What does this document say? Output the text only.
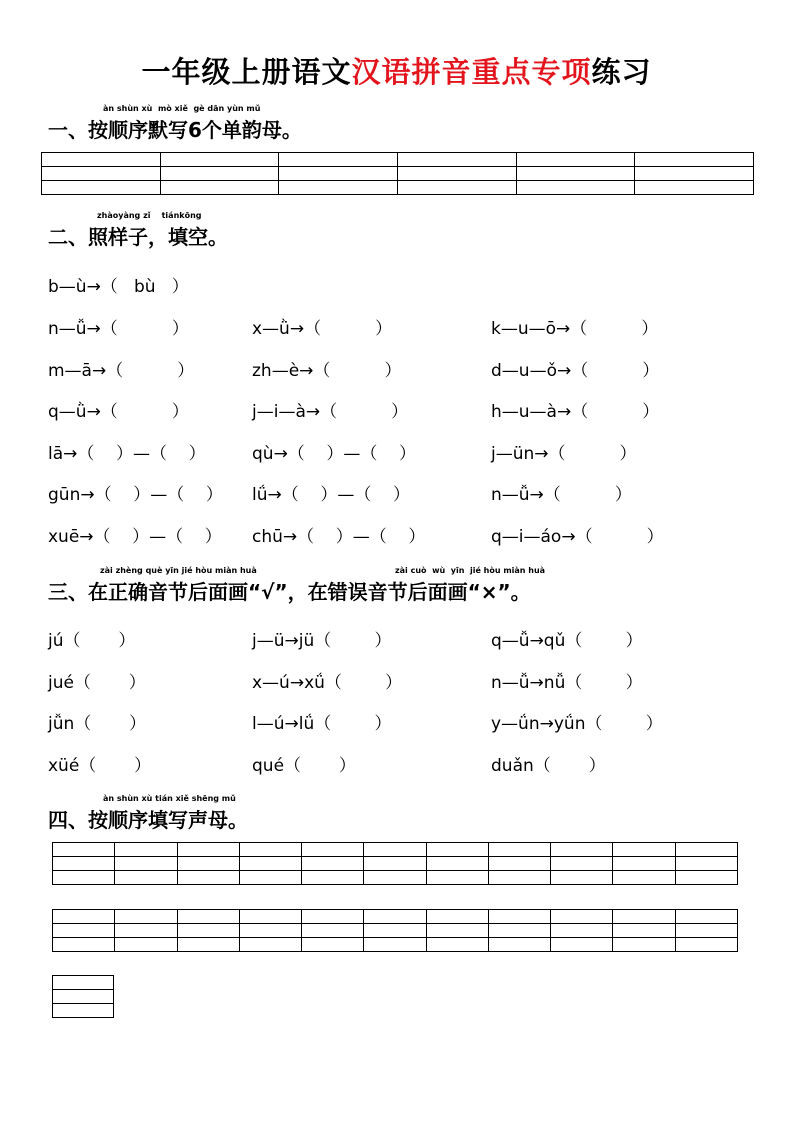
一年级上册语文汉语拼音重点专项练习
àn shùn xù  mò xiě  gè dān yùn mǔ
一、按顺序默写6个单韵母。

zhàoyàng zǐ    tiánkōng
二、照样子，填空。
b—ù→（   bù   ）
n—ǚ→（          ）	x—ǜ→（          ）	k—u—ō→（          ）
m—ā→（          ）	zh—è→（          ）	d—u—ǒ→（          ）
q—ǜ→（          ）	j—i—à→（          ）	h—u—à→（          ）
lā→（    ）—（    ）	qù→（    ）—（    ）	j—ün→（          ）
gūn→（    ）—（    ） lǘ→（    ）—（    ）	n—ǚ→（          ）
xuē→（    ）—（    ） chū→（    ）—（    ）	q—i—áo→（          ）
zài zhèng què yīn jié hòu miàn huà	zài cuò  wù  yīn  jié hòu miàn huà
三、在正确音节后面画“√”，在错误音节后面画“×”。
jú（       ）	j—ü→jü（        ）	q—ǚ→qǔ（        ）
jué（       ）	x—ú→xǘ（        ）	n—ǚ→nǚ（        ）
jǚn（       ）	l—ú→lǘ（        ）	y—ǘn→yǘn（        ）
xüé（       ）	qué（       ）	duǎn（       ）
àn shùn xù tián xiě shēng mǔ
四、按顺序填写声母。
